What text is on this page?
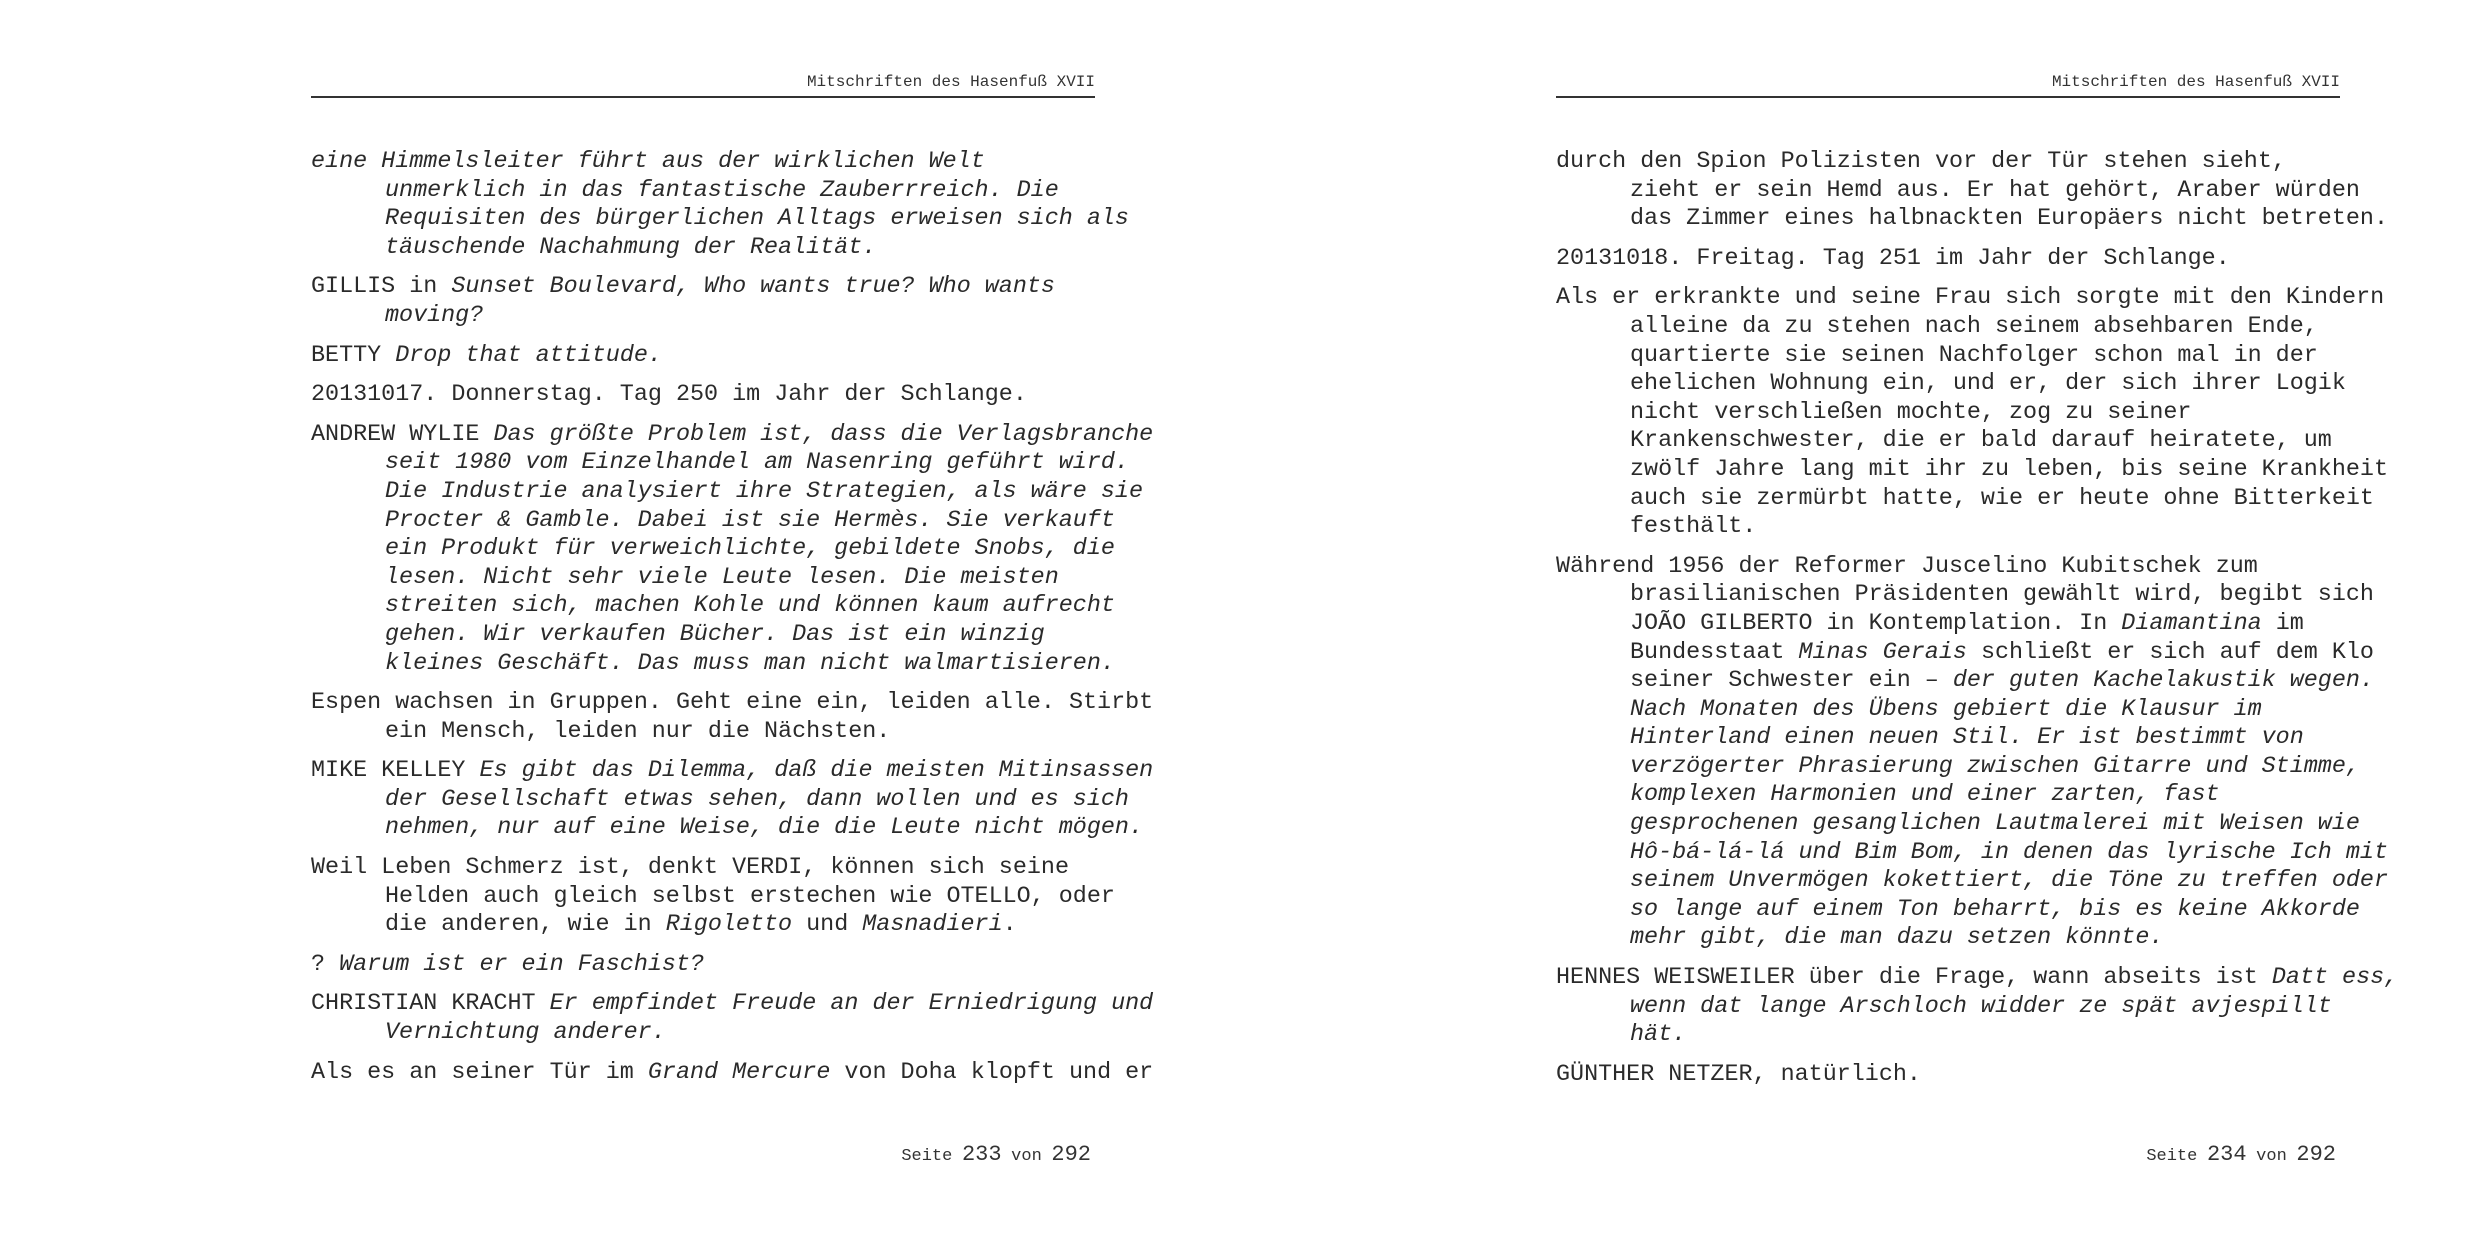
Mitschriften des Hasenfuß XVII
eine Himmelsleiter führt aus der wirklichen Welt
unmerklich in das fantastische Zauberrreich. Die
Requisiten des bürgerlichen Alltags erweisen sich als
täuschende Nachahmung der Realität.
GILLIS in Sunset Boulevard, Who wants true? Who wants
moving?
BETTY Drop that attitude.
20131017. Donnerstag. Tag 250 im Jahr der Schlange.
ANDREW WYLIE Das größte Problem ist, dass die Verlagsbranche
seit 1980 vom Einzelhandel am Nasenring geführt wird.
Die Industrie analysiert ihre Strategien, als wäre sie
Procter & Gamble. Dabei ist sie Hermès. Sie verkauft
ein Produkt für verweichlichte, gebildete Snobs, die
lesen. Nicht sehr viele Leute lesen. Die meisten
streiten sich, machen Kohle und können kaum aufrecht
gehen. Wir verkaufen Bücher. Das ist ein winzig
kleines Geschäft. Das muss man nicht walmartisieren.
Espen wachsen in Gruppen. Geht eine ein, leiden alle. Stirbt
ein Mensch, leiden nur die Nächsten.
MIKE KELLEY Es gibt das Dilemma, daß die meisten Mitinsassen
der Gesellschaft etwas sehen, dann wollen und es sich
nehmen, nur auf eine Weise, die die Leute nicht mögen.
Weil Leben Schmerz ist, denkt VERDI, können sich seine
Helden auch gleich selbst erstechen wie OTELLO, oder
die anderen, wie in Rigoletto und Masnadieri.
? Warum ist er ein Faschist?
CHRISTIAN KRACHT Er empfindet Freude an der Erniedrigung und
Vernichtung anderer.
Als es an seiner Tür im Grand Mercure von Doha klopft und er
Seite 233 von 292
Mitschriften des Hasenfuß XVII
durch den Spion Polizisten vor der Tür stehen sieht,
zieht er sein Hemd aus. Er hat gehört, Araber würden
das Zimmer eines halbnackten Europäers nicht betreten.
20131018. Freitag. Tag 251 im Jahr der Schlange.
Als er erkrankte und seine Frau sich sorgte mit den Kindern
alleine da zu stehen nach seinem absehbaren Ende,
quartierte sie seinen Nachfolger schon mal in der
ehelichen Wohnung ein, und er, der sich ihrer Logik
nicht verschließen mochte, zog zu seiner
Krankenschwester, die er bald darauf heiratete, um
zwölf Jahre lang mit ihr zu leben, bis seine Krankheit
auch sie zermürbt hatte, wie er heute ohne Bitterkeit
festhält.
Während 1956 der Reformer Juscelino Kubitschek zum
brasilianischen Präsidenten gewählt wird, begibt sich
JOÃO GILBERTO in Kontemplation. In Diamantina im
Bundesstaat Minas Gerais schließt er sich auf dem Klo
seiner Schwester ein – der guten Kachelakustik wegen.
Nach Monaten des Übens gebiert die Klausur im
Hinterland einen neuen Stil. Er ist bestimmt von
verzögerter Phrasierung zwischen Gitarre und Stimme,
komplexen Harmonien und einer zarten, fast
gesprochenen gesanglichen Lautmalerei mit Weisen wie
Hô-bá-lá-lá und Bim Bom, in denen das lyrische Ich mit
seinem Unvermögen kokettiert, die Töne zu treffen oder
so lange auf einem Ton beharrt, bis es keine Akkorde
mehr gibt, die man dazu setzen könnte.
HENNES WEISWEILER über die Frage, wann abseits ist Datt ess,
wenn dat lange Arschloch widder ze spät avjespillt
hät.
GÜNTHER NETZER, natürlich.
Seite 234 von 292
